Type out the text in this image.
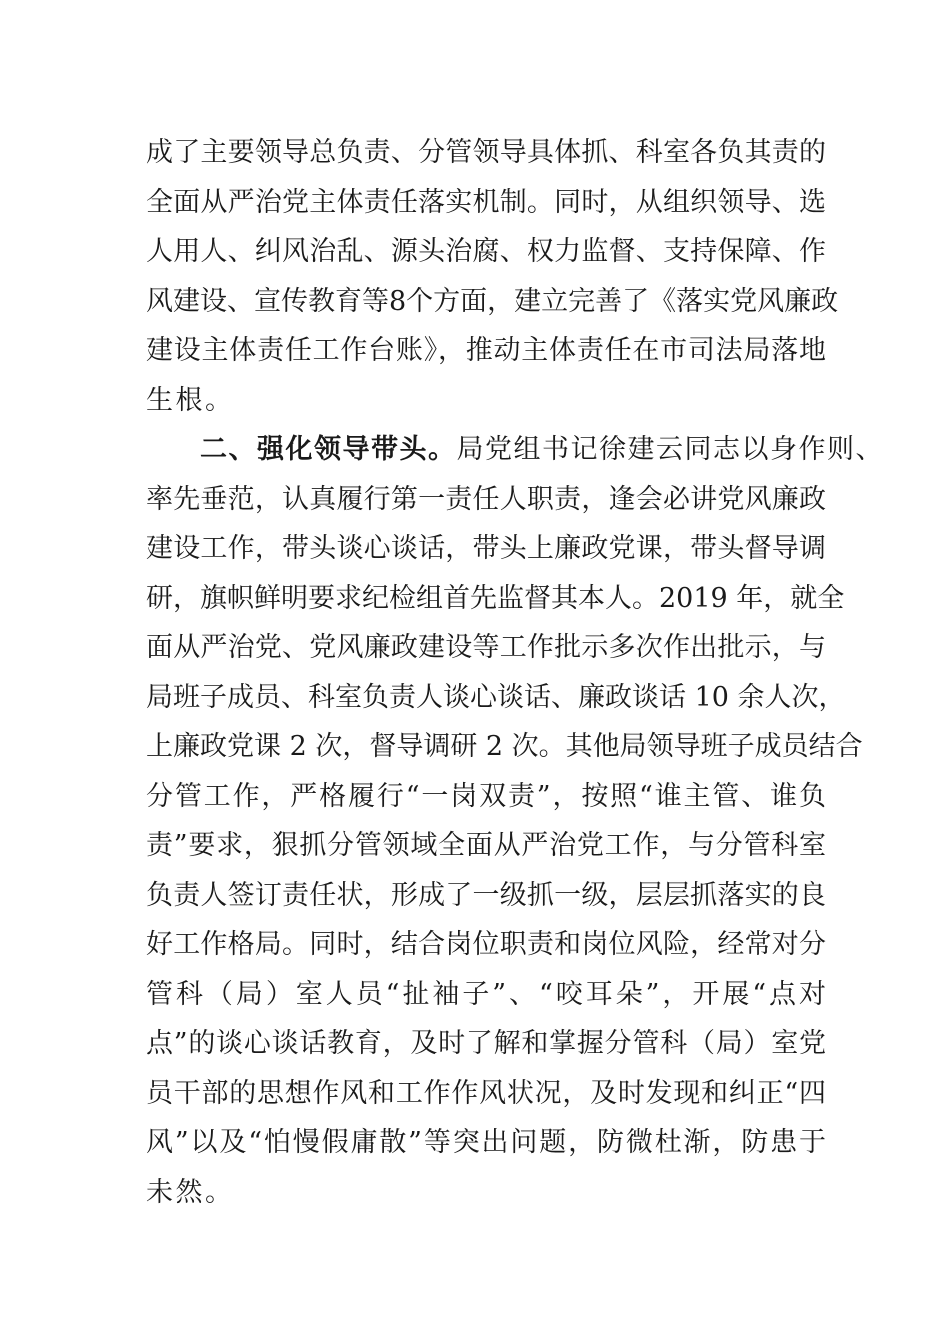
成了主要领导总负责、分管领导具体抓、科室各负其责的
全面从严治党主体责任落实机制。同时，从组织领导、选
人用人、纠风治乱、源头治腐、权力监督、支持保障、作
风建设、宣传教育等8个方面，建立完善了《落实党风廉政
建设主体责任工作台账》，推动主体责任在市司法局落地
生根。
二、强化领导带头。局党组书记徐建云同志以身作则、
率先垂范，认真履行第一责任人职责，逢会必讲党风廉政
建设工作，带头谈心谈话，带头上廉政党课，带头督导调
研，旗帜鲜明要求纪检组首先监督其本人。2019 年，就全
面从严治党、党风廉政建设等工作批示多次作出批示，与
局班子成员、科室负责人谈心谈话、廉政谈话 10 余人次，
上廉政党课 2 次，督导调研 2 次。其他局领导班子成员结合
分管工作，严格履行“一岗双责”，按照“谁主管、谁负
责”要求，狠抓分管领域全面从严治党工作，与分管科室
负责人签订责任状，形成了一级抓一级，层层抓落实的良
好工作格局。同时，结合岗位职责和岗位风险，经常对分
管科（局）室人员“扯袖子”、“咬耳朵”，开展“点对
点”的谈心谈话教育，及时了解和掌握分管科（局）室党
员干部的思想作风和工作作风状况，及时发现和纠正“四
风”以及“怕慢假庸散”等突出问题，防微杜渐，防患于
未然。
